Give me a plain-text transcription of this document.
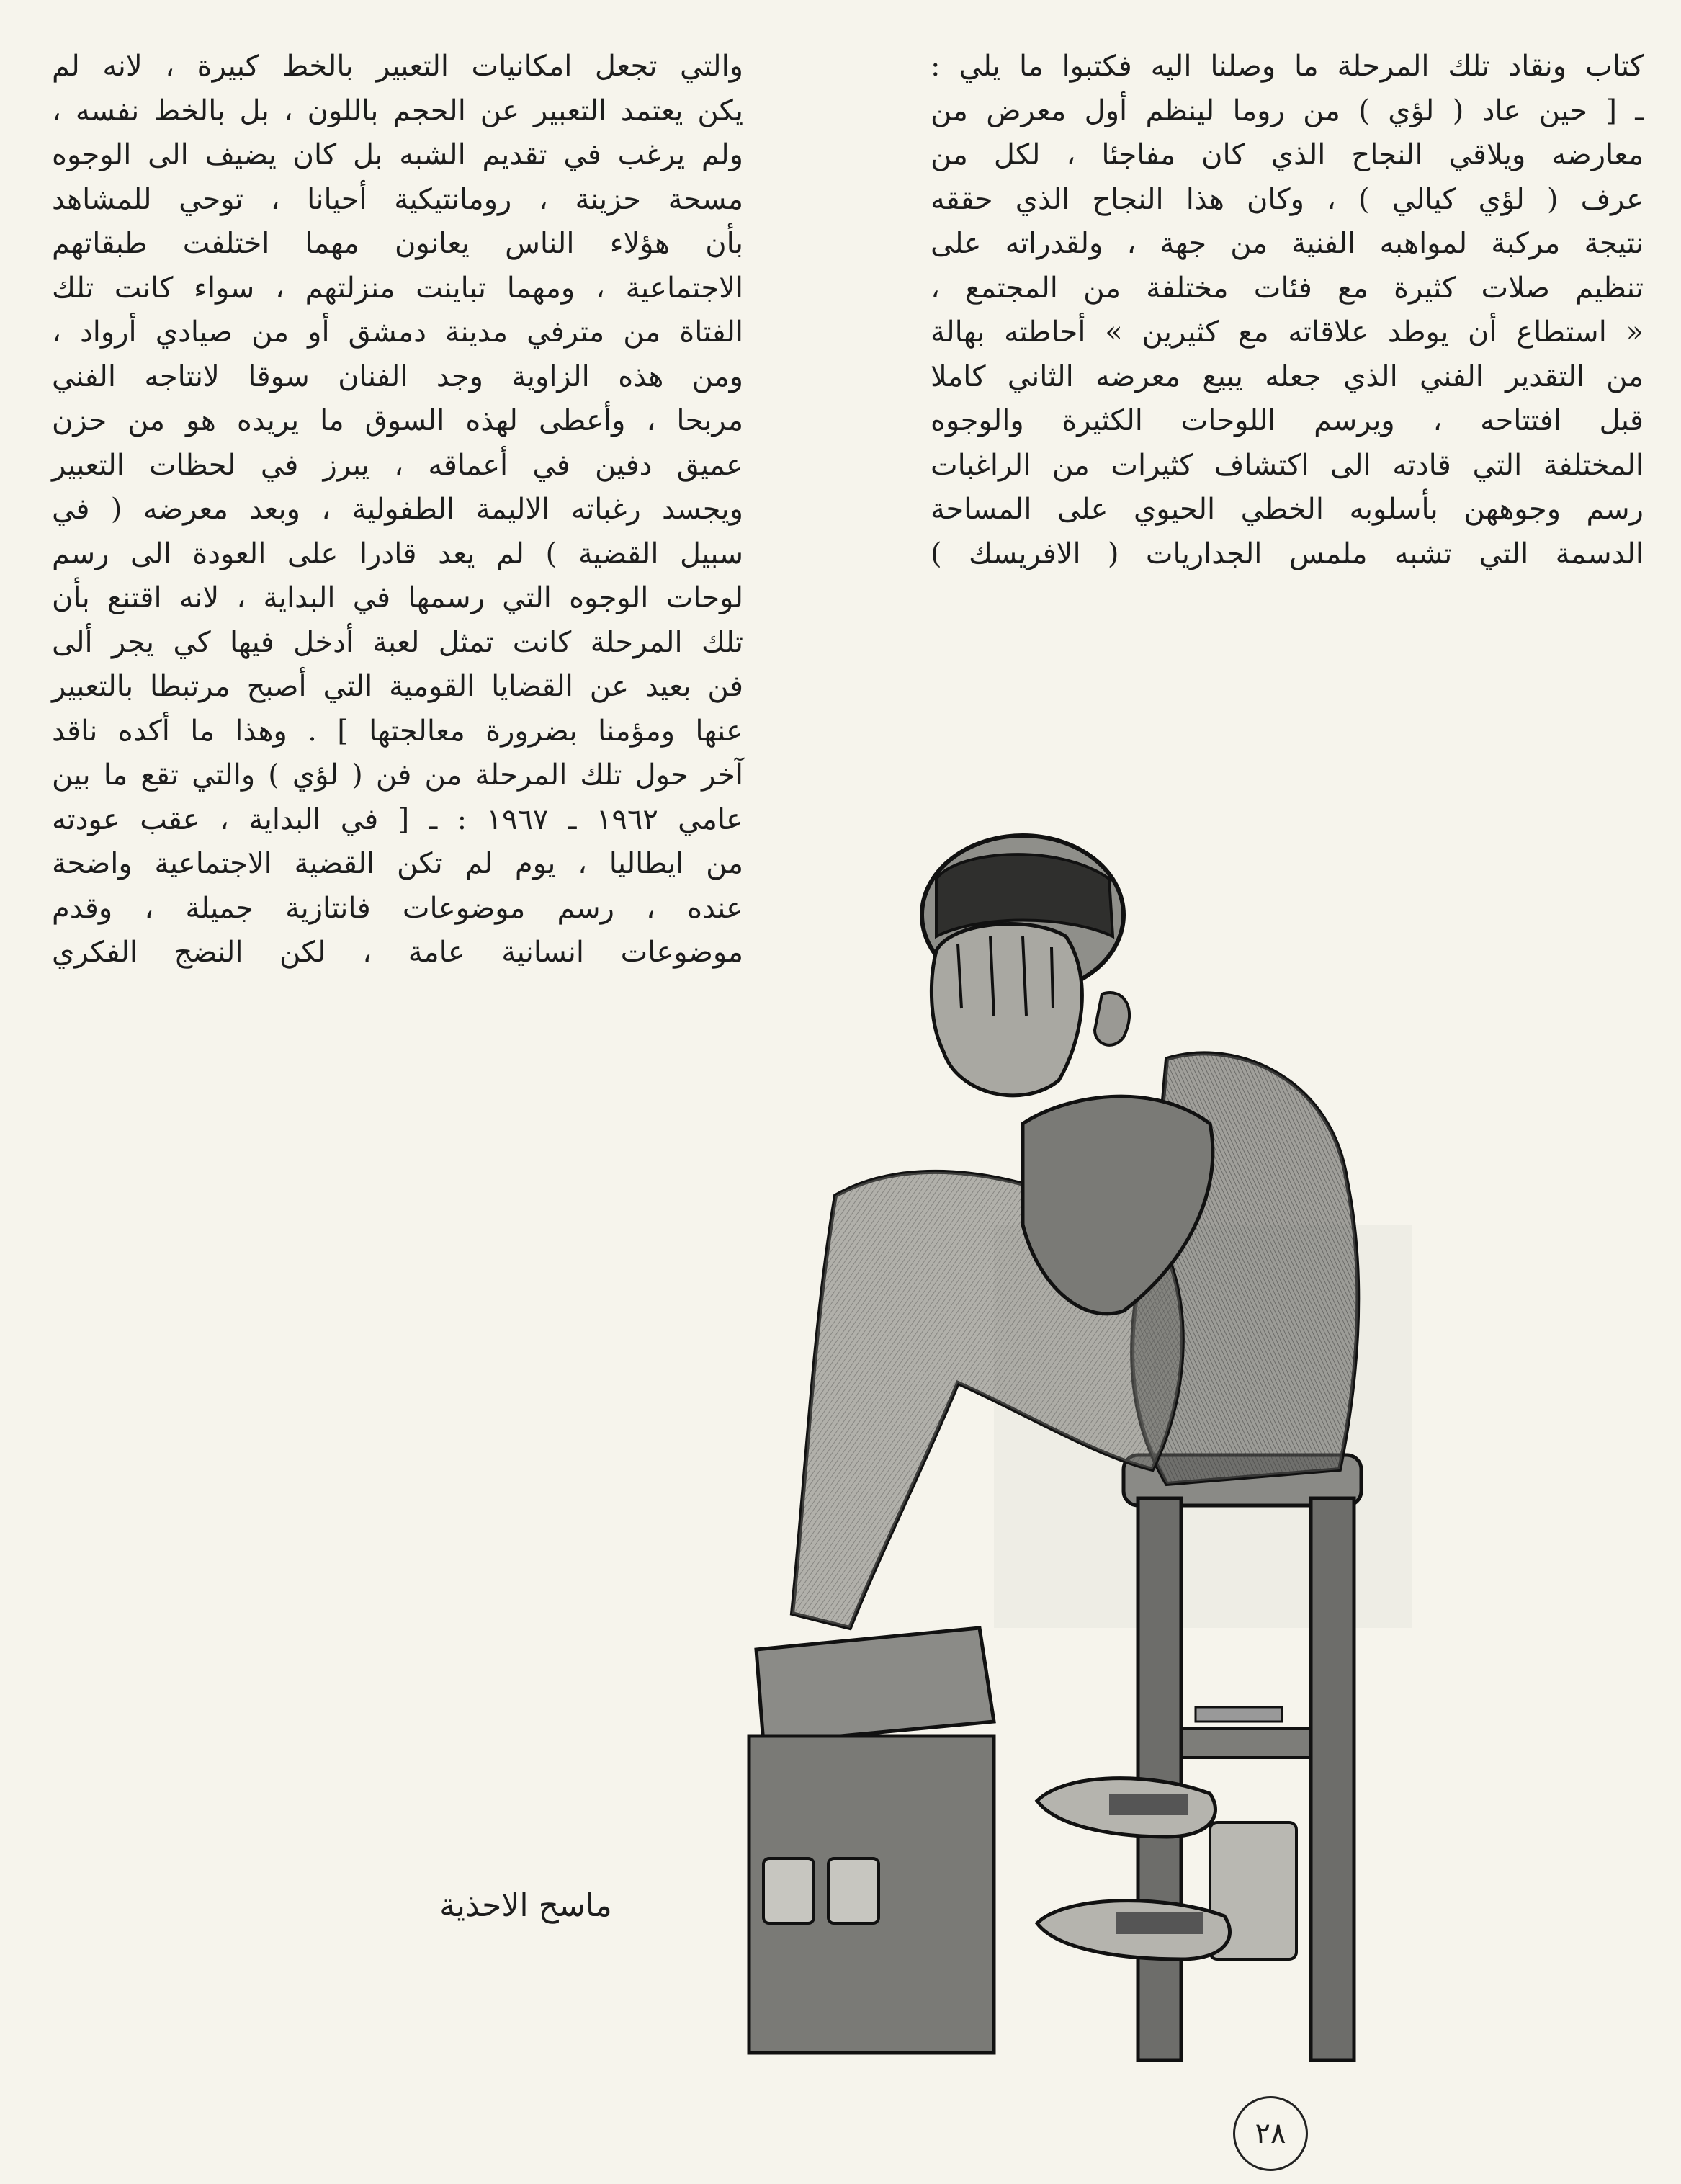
كتاب ونقاد تلك المرحلة ما وصلنا اليه فكتبوا ما يلي :
ـ [ حين عاد ( لؤي ) من روما لينظم أول معرض من
معارضه ويلاقي النجاح الذي كان مفاجئا ، لكل من
عرف ( لؤي كيالي ) ، وكان هذا النجاح الذي حققه
نتيجة مركبة لمواهبه الفنية من جهة ، ولقدراته على
تنظيم صلات كثيرة مع فئات مختلفة من المجتمع ،
« استطاع أن يوطد علاقاته مع كثيرين » أحاطته بهالة
من التقدير الفني الذي جعله يبيع معرضه الثاني كاملا
قبل افتتاحه ، ويرسم اللوحات الكثيرة والوجوه
المختلفة التي قادته الى اكتشاف كثيرات من الراغبات
رسم وجوههن بأسلوبه الخطي الحيوي على المساحة
الدسمة التي تشبه ملمس الجداريات ( الافريسك )
والتي تجعل امكانيات التعبير بالخط كبيرة ، لانه لم
يكن يعتمد التعبير عن الحجم باللون ، بل بالخط نفسه ،
ولم يرغب في تقديم الشبه بل كان يضيف الى الوجوه
مسحة حزينة ، رومانتيكية أحيانا ، توحي للمشاهد
بأن هؤلاء الناس يعانون مهما اختلفت طبقاتهم
الاجتماعية ، ومهما تباينت منزلتهم ، سواء كانت تلك
الفتاة من مترفي مدينة دمشق أو من صيادي أرواد ،
ومن هذه الزاوية وجد الفنان سوقا لانتاجه الفني
مربحا ، وأعطى لهذه السوق ما يريده هو من حزن
عميق دفين في أعماقه ، يبرز في لحظات التعبير
ويجسد رغباته الاليمة الطفولية ، وبعد معرضه ( في
سبيل القضية ) لم يعد قادرا على العودة الى رسم
لوحات الوجوه التي رسمها في البداية ، لانه اقتنع بأن
تلك المرحلة كانت تمثل لعبة أدخل فيها كي يجر ألى
فن بعيد عن القضايا القومية التي أصبح مرتبطا بالتعبير
عنها ومؤمنا بضرورة معالجتها ] . وهذا ما أكده ناقد
آخر حول تلك المرحلة من فن ( لؤي ) والتي تقع ما بين
عامي ١٩٦٢ ـ ١٩٦٧ : ـ [ في البداية ، عقب عودته
من ايطاليا ، يوم لم تكن القضية الاجتماعية واضحة
عنده ، رسم موضوعات فانتازية جميلة ، وقدم
موضوعات انسانية عامة ، لكن النضج الفكري
ماسح الاحذية
٢٨
